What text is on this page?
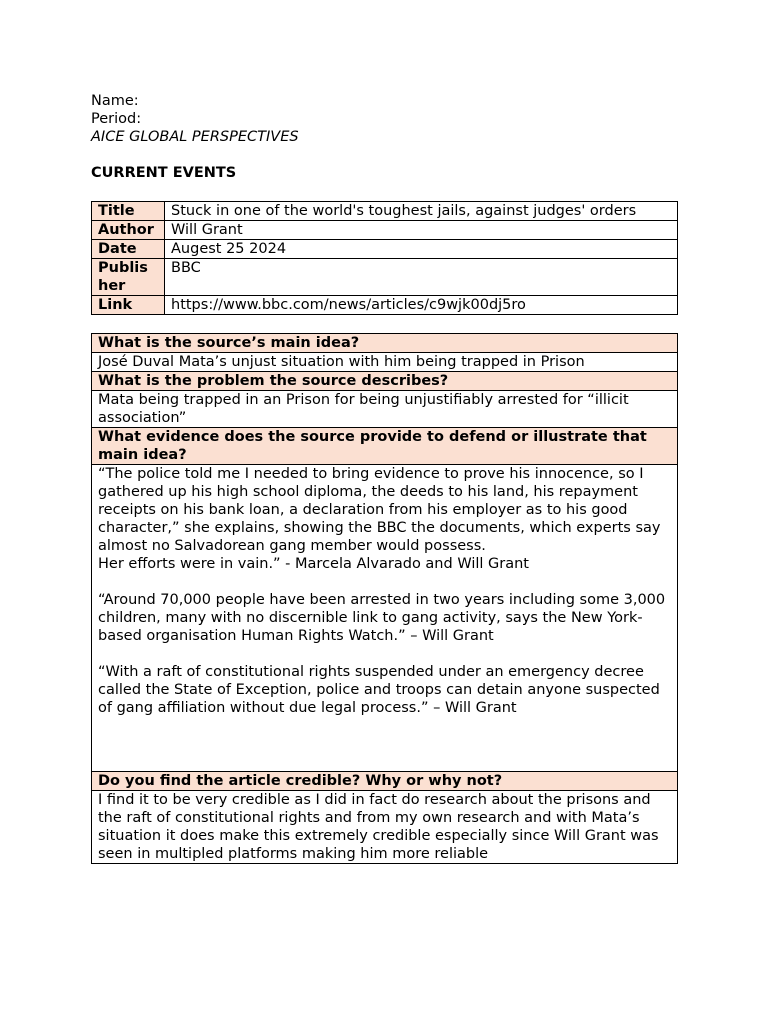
Name:
Period:
AICE GLOBAL PERSPECTIVES
CURRENT EVENTS
Title	Stuck in one of the world's toughest jails, against judges' orders
Author	Will Grant
Date	Augest 25 2024
Publis
her	BBC
Link	https://www.bbc.com/news/articles/c9wjk00dj5ro
What is the source’s main idea?
José Duval Mata’s unjust situation with him being trapped in Prison
What is the problem the source describes?
Mata being trapped in an Prison for being unjustifiably arrested for “illicit association”
What evidence does the source provide to defend or illustrate that main idea?

“The police told me I needed to bring evidence to prove his innocence, so I gathered up his high school diploma, the deeds to his land, his repayment receipts on his bank loan, a declaration from his employer as to his good character,” she explains, showing the BBC the documents, which experts say almost no Salvadorean gang member would possess.
Her efforts were in vain.” - Marcela Alvarado and Will Grant
“Around 70,000 people have been arrested in two years including some 3,000 children, many with no discernible link to gang activity, says the New York-based organisation Human Rights Watch.” – Will Grant
“With a raft of constitutional rights suspended under an emergency decree called the State of Exception, police and troops can detain anyone suspected of gang affiliation without due legal process.” – Will Grant

Do you find the article credible? Why or why not?
I find it to be very credible as I did in fact do research about the prisons and the raft of constitutional rights and from my own research and with Mata’s situation it does make this extremely credible especially since Will Grant was seen in multipled platforms making him more reliable
